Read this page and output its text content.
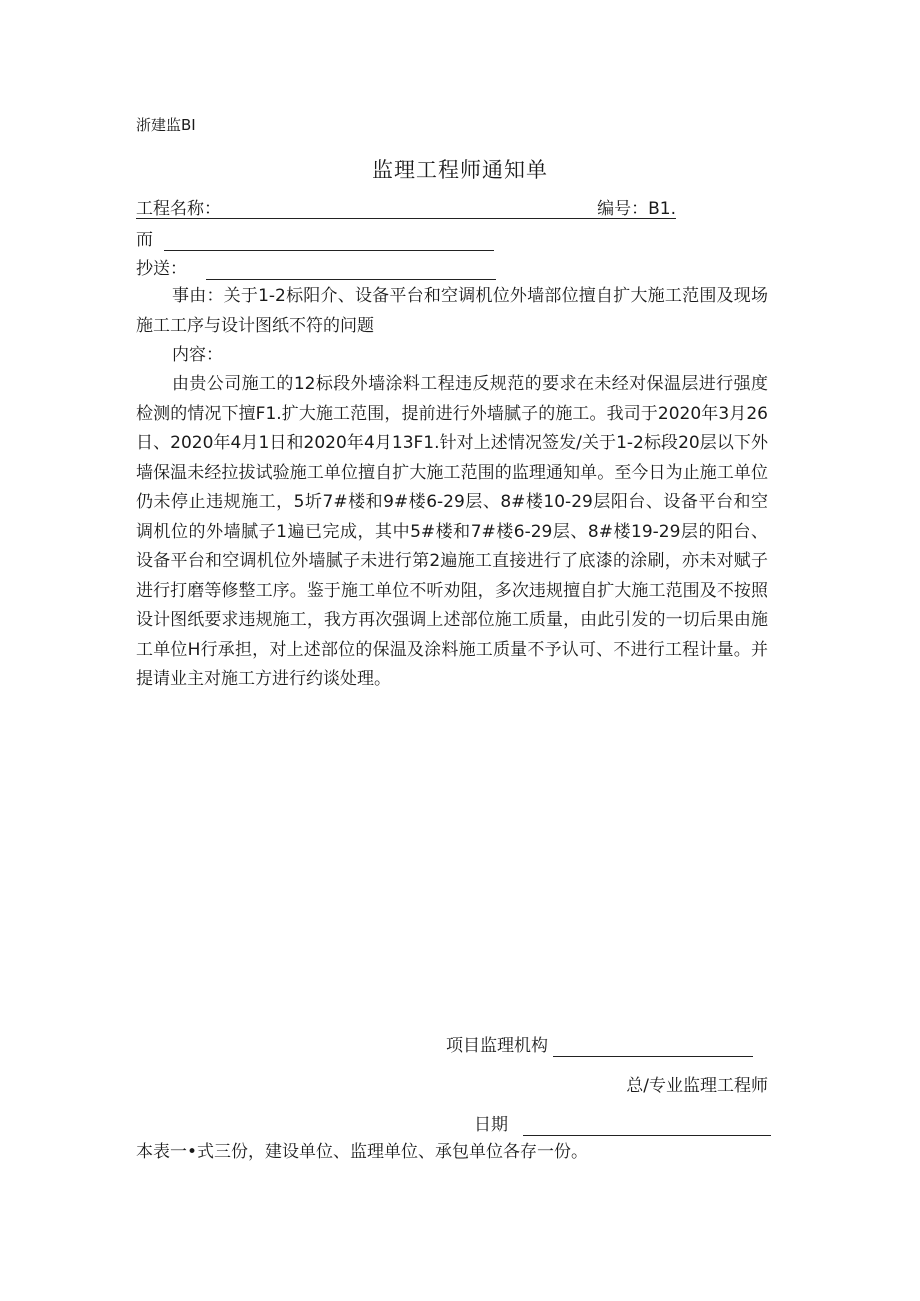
浙建监BI
监理工程师通知单
工程名称：	编号：B1.
而
抄送：
事由：关于1-2标阳介、设备平台和空调机位外墙部位擅自扩大施工范围及现场施工工序与设计图纸不符的问题
内容：
由贵公司施工的12标段外墙涂料工程违反规范的要求在未经对保温层进行强度检测的情况下擅F1.扩大施工范围，提前进行外墙腻子的施工。我司于2020年3月26日、2020年4月1日和2020年4月13F1.针对上述情况签发/关于1-2标段20层以下外墙保温未经拉拔试验施工单位擅自扩大施工范围的监理通知单。至今日为止施工单位仍未停止违规施工，5圻7#楼和9#楼6-29层、8#楼10-29层阳台、设备平台和空调机位的外墙腻子1遍已完成，其中5#楼和7#楼6-29层、8#楼19-29层的阳台、设备平台和空调机位外墙腻子未进行第2遍施工直接进行了底漆的涂刷，亦未对赋子进行打磨等修整工序。鉴于施工单位不听劝阻，多次违规擅自扩大施工范围及不按照设计图纸要求违规施工，我方再次强调上述部位施工质量，由此引发的一切后果由施工单位H行承担，对上述部位的保温及涂料施工质量不予认可、不进行工程计量。并提请业主对施工方进行约谈处理。
项目监理机构
总/专业监理工程师
日期
本表一•式三份，建设单位、监理单位、承包单位各存一份。
